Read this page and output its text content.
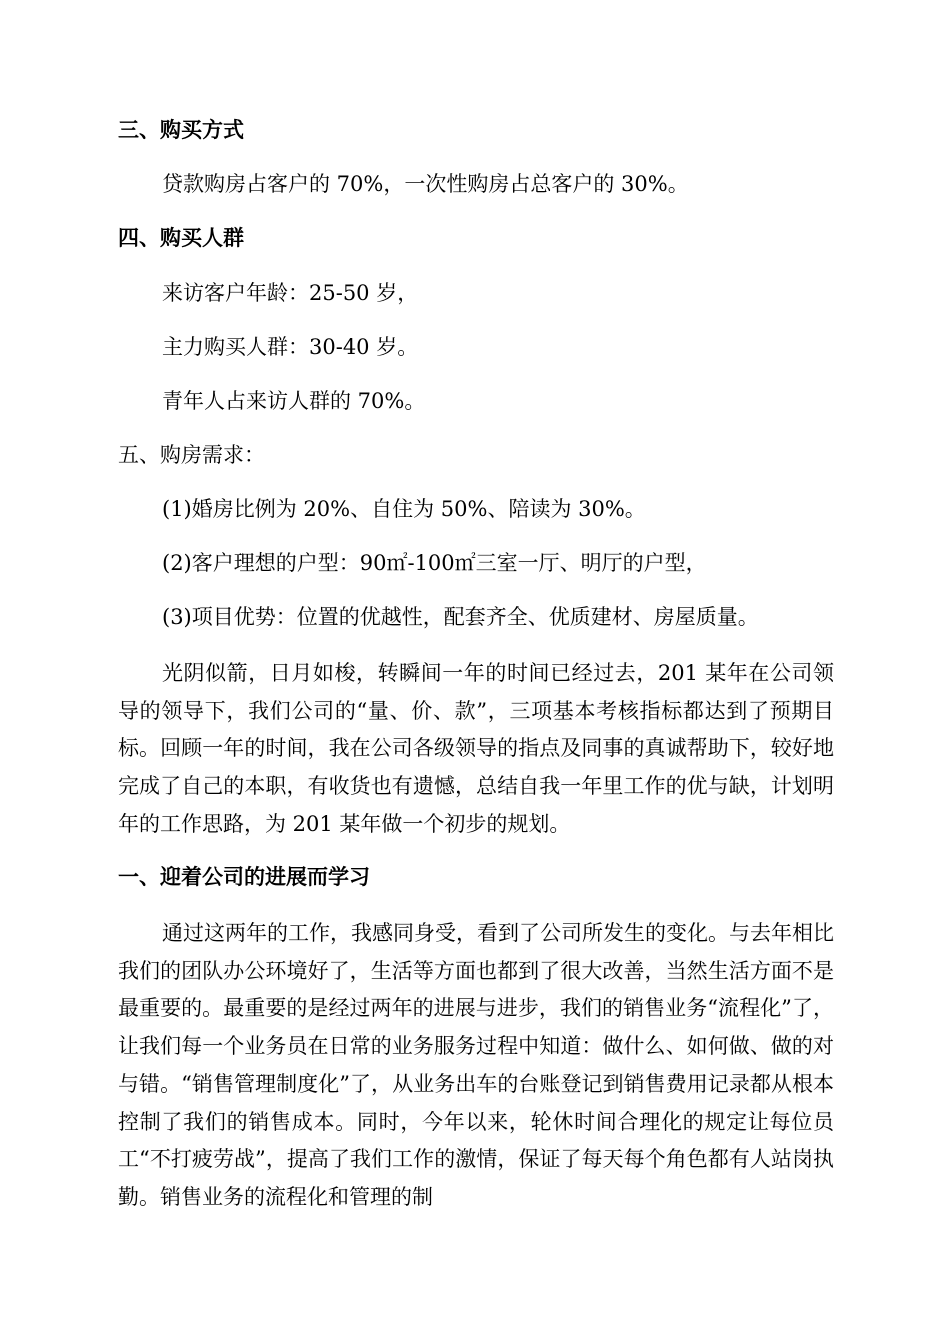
三、购买方式
贷款购房占客户的 70%，一次性购房占总客户的 30%。
四、购买人群
来访客户年龄：25-50 岁，
主力购买人群：30-40 岁。
青年人占来访人群的 70%。
五、购房需求：
(1)婚房比例为 20%、自住为 50%、陪读为 30%。
(2)客户理想的户型：90㎡-100㎡三室一厅、明厅的户型，
(3)项目优势：位置的优越性，配套齐全、优质建材、房屋质量。
光阴似箭，日月如梭，转瞬间一年的时间已经过去，201 某年在公司领导的领导下，我们公司的“量、价、款”，三项基本考核指标都达到了预期目标。回顾一年的时间，我在公司各级领导的指点及同事的真诚帮助下，较好地完成了自己的本职，有收货也有遗憾，总结自我一年里工作的优与缺，计划明年的工作思路，为 201 某年做一个初步的规划。
一、迎着公司的进展而学习
通过这两年的工作，我感同身受，看到了公司所发生的变化。与去年相比我们的团队办公环境好了，生活等方面也都到了很大改善，当然生活方面不是最重要的。最重要的是经过两年的进展与进步，我们的销售业务“流程化”了，让我们每一个业务员在日常的业务服务过程中知道：做什么、如何做、做的对与错。“销售管理制度化”了，从业务出车的台账登记到销售费用记录都从根本控制了我们的销售成本。同时，今年以来，轮休时间合理化的规定让每位员工“不打疲劳战”，提高了我们工作的激情，保证了每天每个角色都有人站岗执勤。销售业务的流程化和管理的制
